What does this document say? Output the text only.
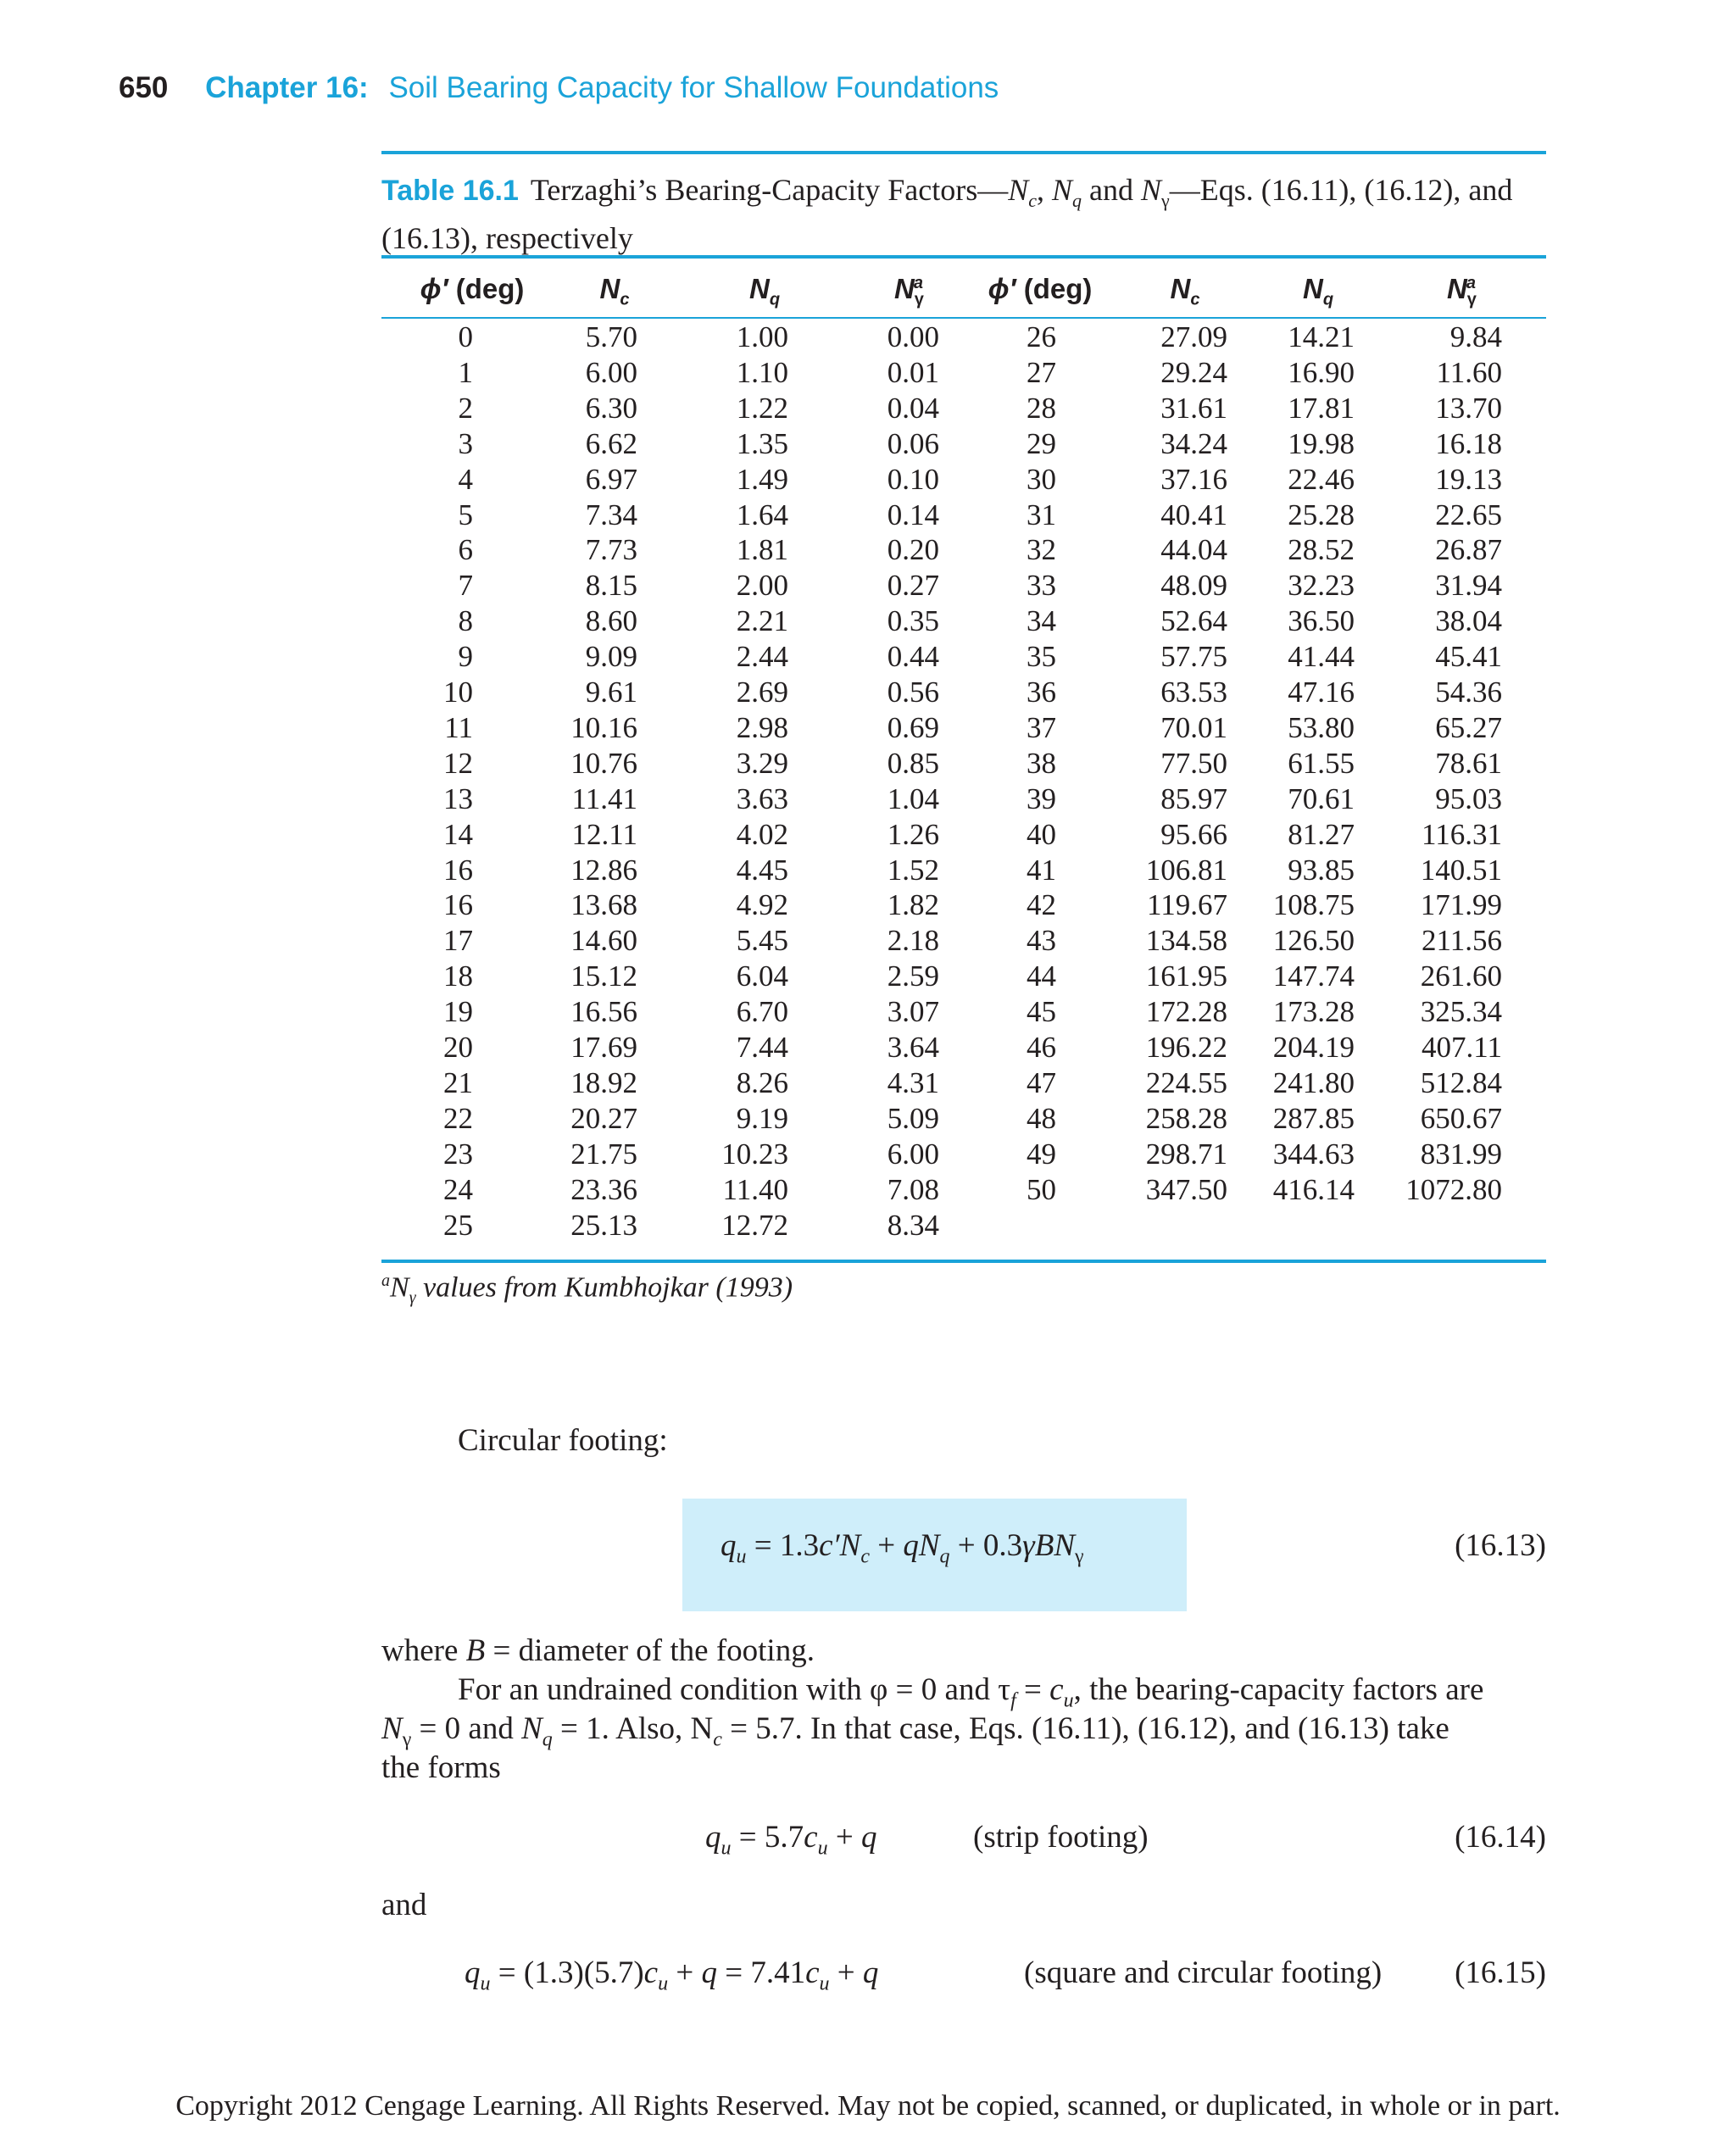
650 Chapter 16: Soil Bearing Capacity for Shallow Foundations
Table 16.1 Terzaghi’s Bearing-Capacity $Factors—N_c$, $N_q$ and $N_\gamma—Eqs$. (16.11), (16.12), and (16.13), respectively
ϕ′ (deg)	$N_c$	$N_q$	$N_\gamma^a$	ϕ′ (deg)	$N_c$	$N_q$	$N_\gamma^a$
0	5.70	1.00	0.00	26	27.09 14.21	9.84
1	6.00	1.10	0.01	27	29.24 16.90	11.60
2	6.30	1.22	0.04	28	31.61 17.81	13.70
3	6.62	1.35	0.06	29	34.24 19.98	16.18
4	6.97	1.49	0.10	30	37.16 22.46	19.13
5	7.34	1.64	0.14	31	40.41 25.28	22.65
6	7.73	1.81	0.20	32	44.04 28.52	26.87
7	8.15	2.00	0.27	33	48.09 32.23	31.94
8	8.60	2.21	0.35	34	52.64 36.50	38.04
9	9.09	2.44	0.44	35	57.75 41.44	45.41
10	9.61	2.69	0.56	36	63.53 47.16	54.36
11	10.16	2.98	0.69	37	70.01 53.80	65.27
12	10.76	3.29	0.85	38	77.50 61.55	78.61
13	11.41	3.63	1.04	39	85.97 70.61	95.03
14	12.11	4.02	1.26	40	95.66 81.27 116.31
16	12.86	4.45	1.52	41	106.81 93.85 140.51
16	13.68	4.92	1.82	42	119.67 108.75 171.99
17	14.60	5.45	2.18	43	134.58 126.50 211.56
18	15.12	6.04	2.59	44	161.95 147.74 261.60
19	16.56	6.70	3.07	45	172.28 173.28 325.34
20	17.69	7.44	3.64	46	196.22 204.19 407.11
21	18.92	8.26	4.31	47	224.55 241.80 512.84
22	20.27	9.19	5.09	48	258.28 287.85 650.67
23	21.75	10.23	6.00	49	298.71 344.63 831.99
24	23.36	11.40	7.08	50	347.50 416.14 1072.80
25	25.13	12.72	8.34
$^aN_\gamma$ values from Kumbhojkar (1993)
Circular footing:
$q_u = 1.3c'N_c + qN_q + 0.3\gamma BN_\gamma$	(16.13)
where B = diameter of the footing.
For an undrained condition with φ = 0 and $\tau_f = c_u$, the bearing-capacity factors are
$N_\gamma = 0$ and $N_q = 1$. Also, $N_c = 5.7$. In that case, Eqs. (16.11), (16.12), and (16.13) take
the forms
$q_u = 5.7c_u + q$	(strip footing)	(16.14)
and
$q_u = (1.3)(5.7)c_u + q = 7.41c_u + q$	(square and circular footing) (16.15)
Copyright 2012 Cengage Learning. All Rights Reserved. May not be copied, scanned, or duplicated, in whole or in part.
